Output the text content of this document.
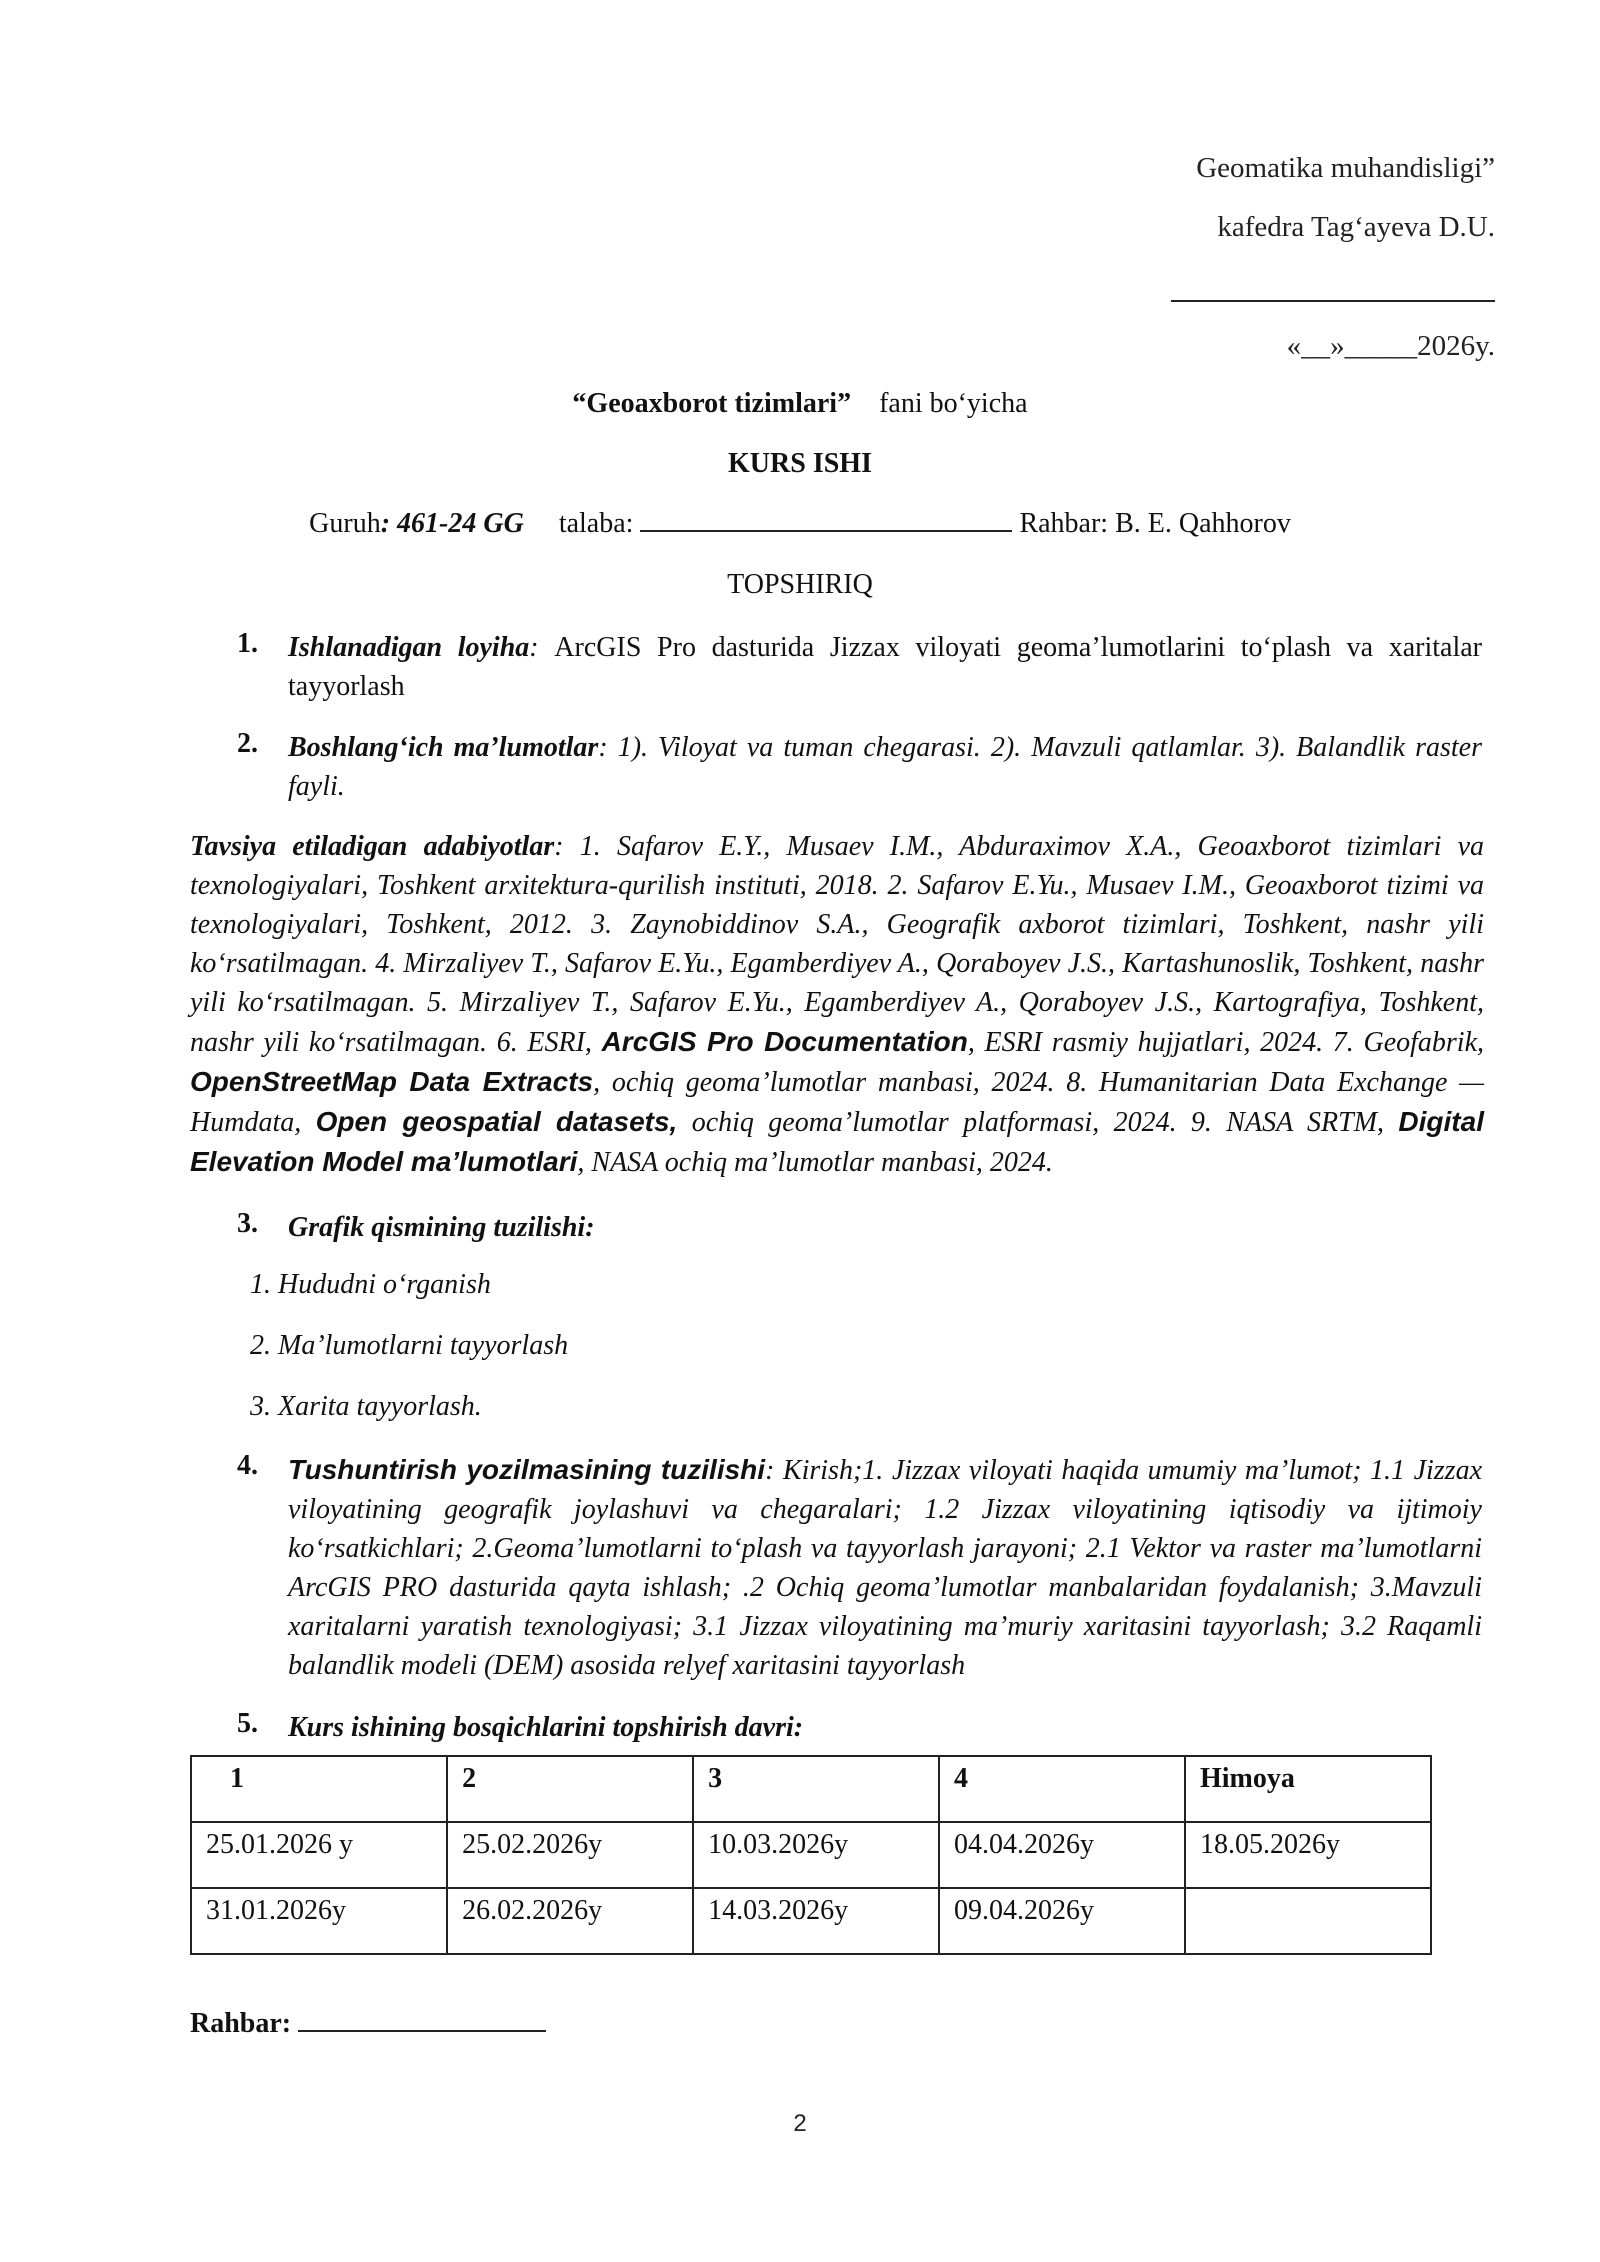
Geomatika muhandisligi”
kafedra Tag‘ayeva D.U.
«__»_____2026y.
“Geoaxborot tizimlari” fani bo‘yicha
KURS ISHI
Guruh: 461-24 GG talaba:	Rahbar: B. E. Qahhorov
TOPSHIRIQ
1. Ishlanadigan loyiha: ArcGIS Pro dasturida Jizzax viloyati geoma’lumotlarini to‘plash va xaritalar tayyorlash
2. Boshlang‘ich ma’lumotlar: 1). Viloyat va tuman chegarasi. 2). Mavzuli qatlamlar. 3). Balandlik raster fayli.
Tavsiya etiladigan adabiyotlar: 1. Safarov E.Y., Musaev I.M., Abduraximov X.A., Geoaxborot tizimlari va texnologiyalari, Toshkent arxitektura-qurilish instituti, 2018. 2. Safarov E.Yu., Musaev I.M., Geoaxborot tizimi va texnologiyalari, Toshkent, 2012. 3. Zaynobiddinov S.A., Geografik axborot tizimlari, Toshkent, nashr yili ko‘rsatilmagan. 4. Mirzaliyev T., Safarov E.Yu., Egamberdiyev A., Qoraboyev J.S., Kartashunoslik, Toshkent, nashr yili ko‘rsatilmagan. 5. Mirzaliyev T., Safarov E.Yu., Egamberdiyev A., Qoraboyev J.S., Kartografiya, Toshkent, nashr yili ko‘rsatilmagan. 6. ESRI, ArcGIS Pro Documentation, ESRI rasmiy hujjatlari, 2024. 7. Geofabrik, OpenStreetMap Data Extracts, ochiq geoma’lumotlar manbasi, 2024. 8. Humanitarian Data Exchange — Humdata, Open geospatial datasets, ochiq geoma’lumotlar platformasi, 2024. 9. NASA SRTM, Digital Elevation Model ma’lumotlari, NASA ochiq ma’lumotlar manbasi, 2024.
3. Grafik qismining tuzilishi:
1. Hududni o‘rganish
2. Ma’lumotlarni tayyorlash
3. Xarita tayyorlash.
4. Tushuntirish yozilmasining tuzilishi: Kirish;1. Jizzax viloyati haqida umumiy ma’lumot; 1.1 Jizzax viloyatining geografik joylashuvi va chegaralari; 1.2 Jizzax viloyatining iqtisodiy va ijtimoiy ko‘rsatkichlari; 2.Geoma’lumotlarni to‘plash va tayyorlash jarayoni; 2.1 Vektor va raster ma’lumotlarni ArcGIS PRO dasturida qayta ishlash; .2 Ochiq geoma’lumotlar manbalaridan foydalanish; 3.Mavzuli xaritalarni yaratish texnologiyasi; 3.1 Jizzax viloyatining ma’muriy xaritasini tayyorlash; 3.2 Raqamli balandlik modeli (DEM) asosida relyef xaritasini tayyorlash
5. Kurs ishining bosqichlarini topshirish davri:
1	2	3	4	Himoya
25.01.2026 y	25.02.2026y	10.03.2026y	04.04.2026y	18.05.2026y
31.01.2026y	26.02.2026y	14.03.2026y	09.04.2026y	
Rahbar:
2
